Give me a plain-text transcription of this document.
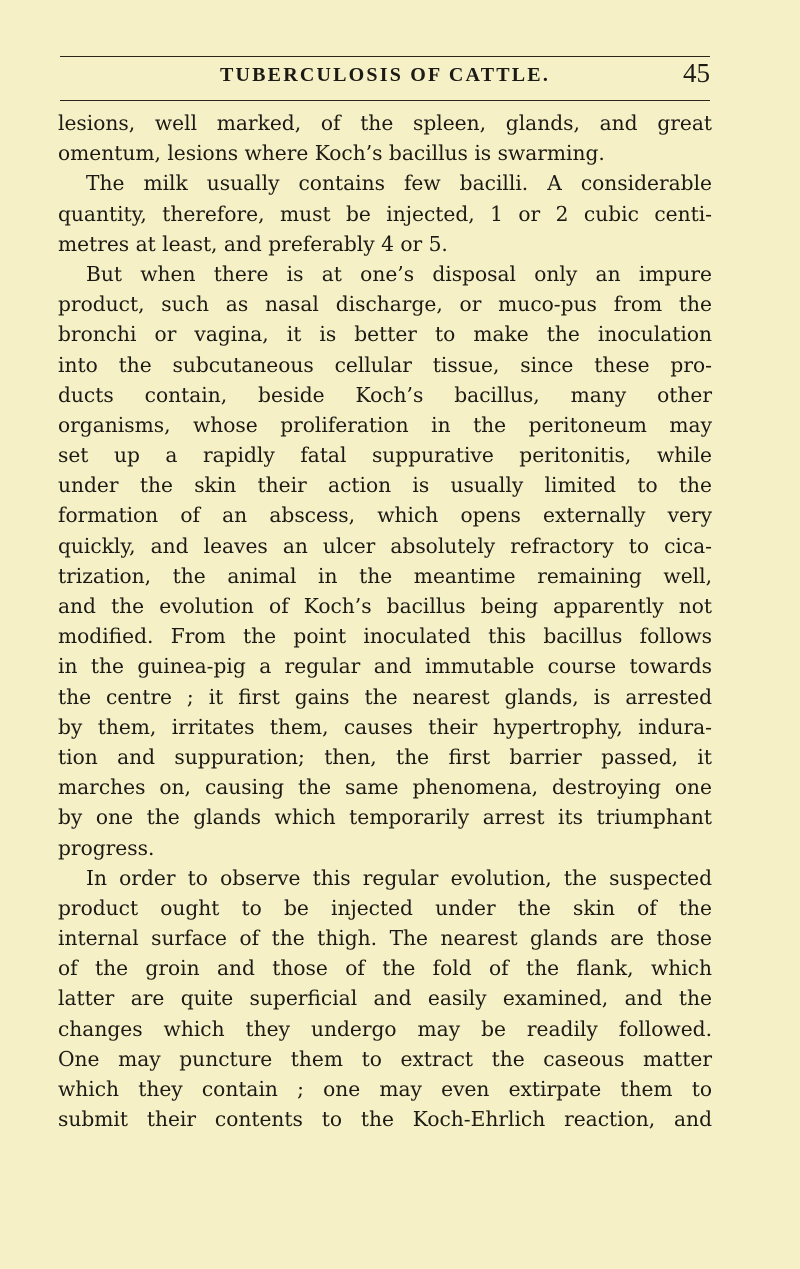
TUBERCULOSIS OF CATTLE.	45
lesions, well marked, of the spleen, glands, and great
omentum, lesions where Koch’s bacillus is swarming.
The milk usually contains few bacilli. A considerable
quantity, therefore, must be injected, 1 or 2 cubic centi-
metres at least, and preferably 4 or 5.
But when there is at one’s disposal only an impure
product, such as nasal discharge, or muco-pus from the
bronchi or vagina, it is better to make the inoculation
into the subcutaneous cellular tissue, since these pro-
ducts contain, beside Koch’s bacillus, many other
organisms, whose proliferation in the peritoneum may
set up a rapidly fatal suppurative peritonitis, while
under the skin their action is usually limited to the
formation of an abscess, which opens externally very
quickly, and leaves an ulcer absolutely refractory to cica-
trization, the animal in the meantime remaining well,
and the evolution of Koch’s bacillus being apparently not
modified. From the point inoculated this bacillus follows
in the guinea-pig a regular and immutable course towards
the centre ; it first gains the nearest glands, is arrested
by them, irritates them, causes their hypertrophy, indura-
tion and suppuration; then, the first barrier passed, it
marches on, causing the same phenomena, destroying one
by one the glands which temporarily arrest its triumphant
progress.
In order to observe this regular evolution, the suspected
product ought to be injected under the skin of the
internal surface of the thigh. The nearest glands are those
of the groin and those of the fold of the flank, which
latter are quite superficial and easily examined, and the
changes which they undergo may be readily followed.
One may puncture them to extract the caseous matter
which they contain ; one may even extirpate them to
submit their contents to the Koch-Ehrlich reaction, and
